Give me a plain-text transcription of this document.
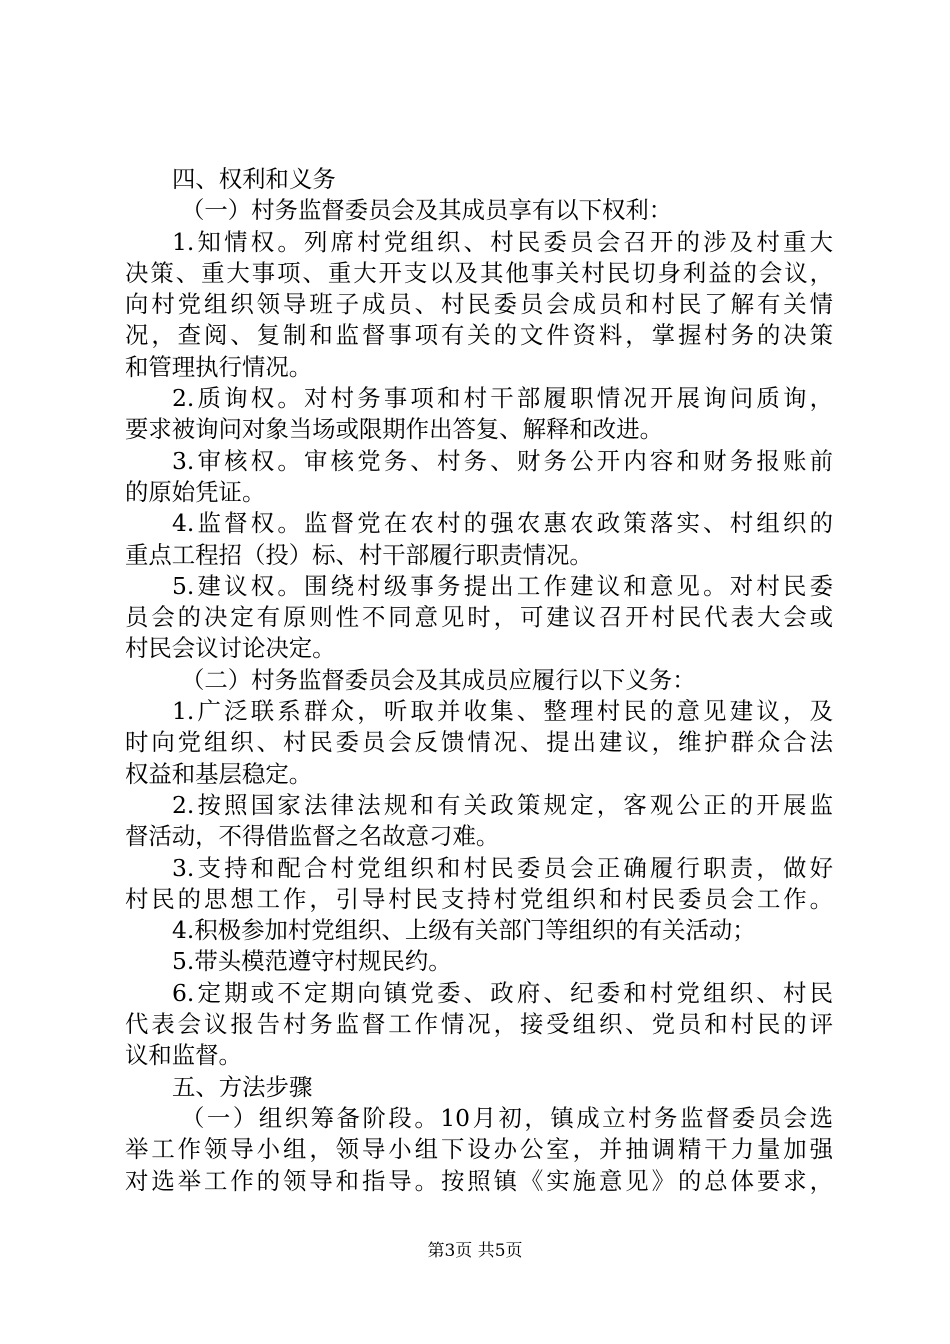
四、权利和义务
（一）村务监督委员会及其成员享有以下权利：
1.知情权。列席村党组织、村民委员会召开的涉及村重大
决策、重大事项、重大开支以及其他事关村民切身利益的会议，
向村党组织领导班子成员、村民委员会成员和村民了解有关情
况，查阅、复制和监督事项有关的文件资料，掌握村务的决策
和管理执行情况。
2.质询权。对村务事项和村干部履职情况开展询问质询，
要求被询问对象当场或限期作出答复、解释和改进。
3.审核权。审核党务、村务、财务公开内容和财务报账前
的原始凭证。
4.监督权。监督党在农村的强农惠农政策落实、村组织的
重点工程招（投）标、村干部履行职责情况。
5.建议权。围绕村级事务提出工作建议和意见。对村民委
员会的决定有原则性不同意见时，可建议召开村民代表大会或
村民会议讨论决定。
（二）村务监督委员会及其成员应履行以下义务：
1.广泛联系群众，听取并收集、整理村民的意见建议，及
时向党组织、村民委员会反馈情况、提出建议，维护群众合法
权益和基层稳定。
2.按照国家法律法规和有关政策规定，客观公正的开展监
督活动，不得借监督之名故意刁难。
3.支持和配合村党组织和村民委员会正确履行职责，做好
村民的思想工作，引导村民支持村党组织和村民委员会工作。
4.积极参加村党组织、上级有关部门等组织的有关活动；
5.带头模范遵守村规民约。
6.定期或不定期向镇党委、政府、纪委和村党组织、村民
代表会议报告村务监督工作情况，接受组织、党员和村民的评
议和监督。
五、方法步骤
（一）组织筹备阶段。10月初，镇成立村务监督委员会选
举工作领导小组，领导小组下设办公室，并抽调精干力量加强
对选举工作的领导和指导。按照镇《实施意见》的总体要求，
第3页 共5页
